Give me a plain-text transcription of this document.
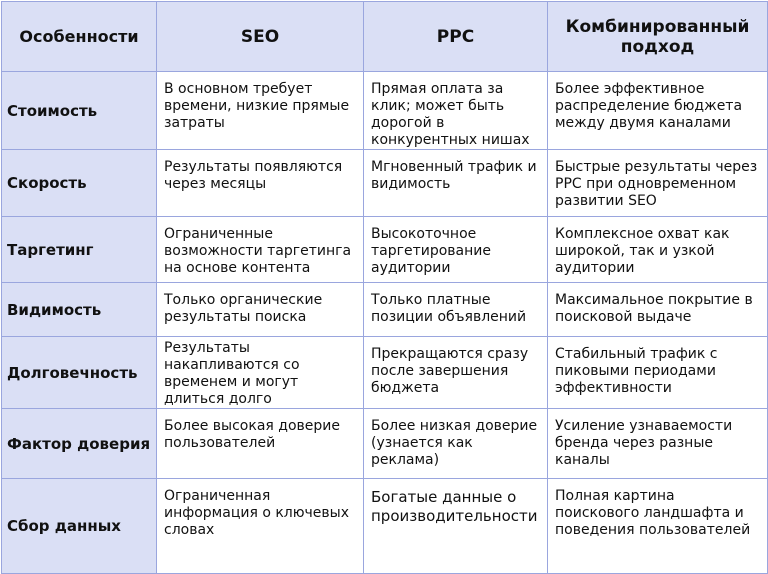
Особенности	SEO	PPC	Комбинированный подход
Стоимость	В основном требует времени, низкие прямые затраты	Прямая оплата за клик; может быть дорогой в конкурентных нишах	Более эффективное распределение бюджета между двумя каналами
Скорость	Результаты появляются через месяцы	Мгновенный трафик и видимость	Быстрые результаты через PPC при одновременном развитии SEO
Таргетинг	Ограниченные возможности таргетинга на основе контента	Высокоточное таргетирование аудитории	Комплексное охват как широкой, так и узкой аудитории
Видимость	Только органические результаты поиска	Только платные позиции объявлений	Максимальное покрытие в поисковой выдаче
Долговечность	Результаты накапливаются со временем и могут длиться долго	Прекращаются сразу после завершения бюджета	Стабильный трафик с пиковыми периодами эффективности
Фактор доверия	Более высокая доверие пользователей	Более низкая доверие (узнается как реклама)	Усиление узнаваемости бренда через разные каналы
Сбор данных	Ограниченная информация о ключевых словах	Богатые данные о производительности	Полная картина поискового ландшафта и поведения пользователей
